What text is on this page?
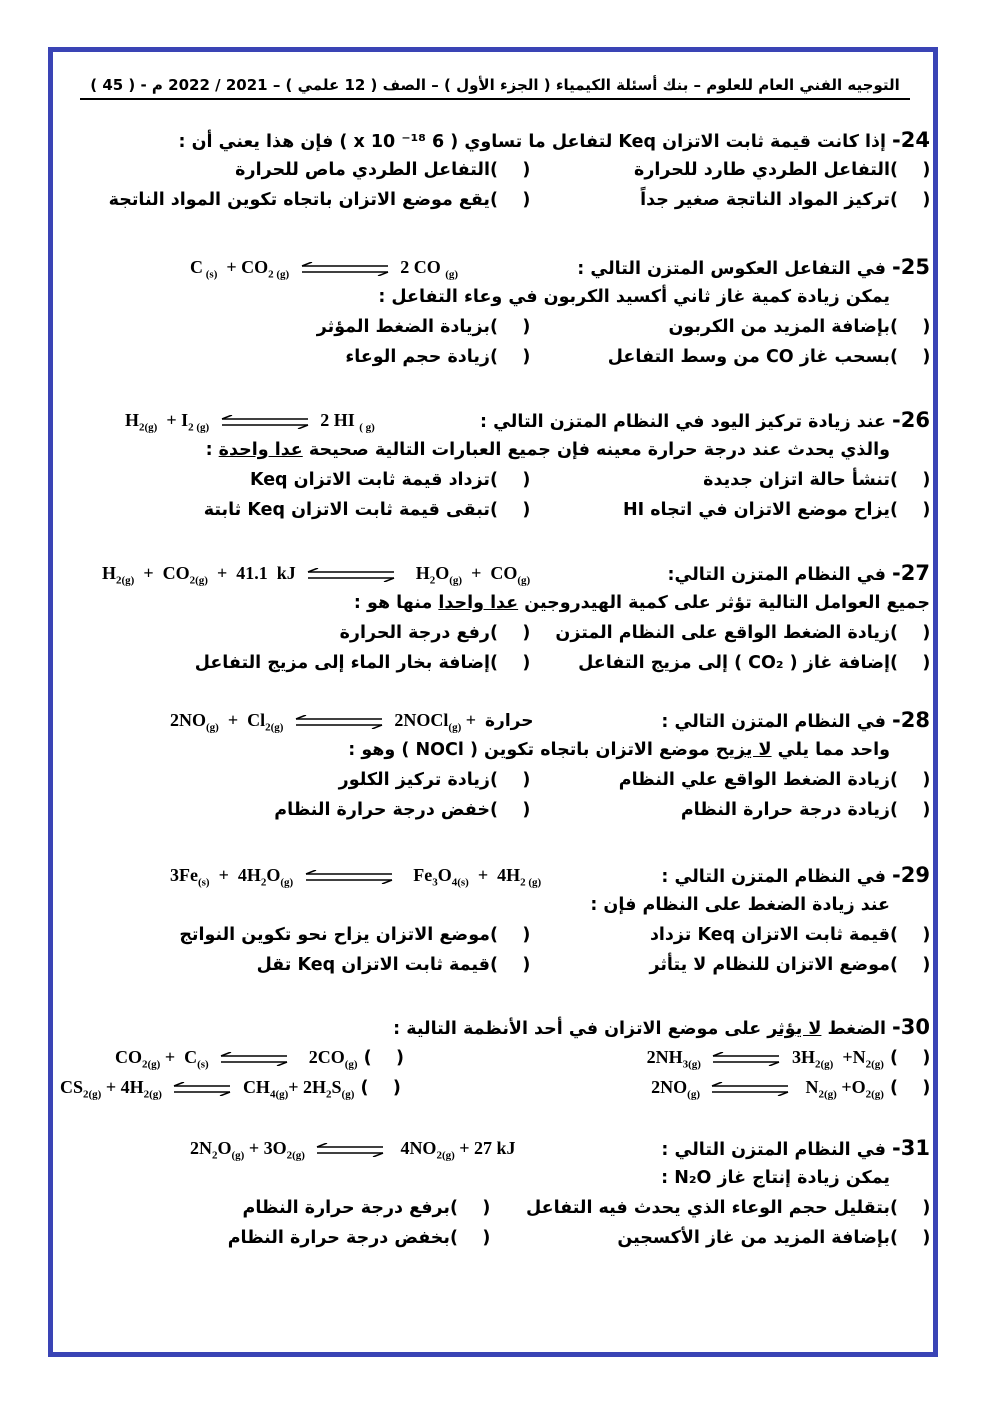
التوجيه الفني العام للعلوم – بنك أسئلة الكيمياء ( الجزء الأول ) – الصف ( 12 علمي ) – 2021 / 2022 م - ( 45 )
24- إذا كانت قيمة ثابت الاتزان Keq لتفاعل ما تساوي ( 6 x 10 ⁻¹⁸ ) فإن هذا يعني أن :
(    )التفاعل الطردي طارد للحرارة
(    )التفاعل الطردي ماص للحرارة
(    )تركيز المواد الناتجة صغير جداً
(    )يقع موضع الاتزان باتجاه تكوين المواد الناتجة
25- في التفاعل العكوس المتزن التالي :
C $_{(s)} + CO_{2 (g)}$	2 CO $_{(g)}$
يمكن زيادة كمية غاز ثاني أكسيد الكربون في وعاء التفاعل :
(    )بإضافة المزيد من الكربون
(    )بزيادة الضغط المؤثر
(    )بسحب غاز CO من وسط التفاعل
(    )زيادة حجم الوعاء
26- عند زيادة تركيز اليود في النظام المتزن التالي :
$H_{2(g)} + I_{2 (g)}$	2 HI $_{( g)}$
والذي يحدث عند درجة حرارة معينه فإن جميع العبارات التالية صحيحة عدا واحدة :
(    )تنشأ حالة اتزان جديدة
(    )تزداد قيمة ثابت الاتزان Keq
(    )يزاح موضع الاتزان في اتجاه HI
(    )تبقى قيمة ثابت الاتزان Keq ثابتة
27- في النظام المتزن التالي:
$H_{2(g)} + CO_{2(g)} + 41.1$  kJ	$H_2O_{(g)} + CO_{(g)}$
جميع العوامل التالية تؤثر على كمية الهيدروجين عدا واحدا منها هو :
(    )زيادة الضغط الواقع على النظام المتزن
(    )رفع درجة الحرارة
(    )إضافة غاز ( CO₂ ) إلى مزيج التفاعل
(    )إضافة بخار الماء إلى مزيج التفاعل
28- في النظام المتزن التالي :
$2NO_{(g)} + Cl_{2(g)}$	2NOCl$_{(g)}$ +  حرارة
واحد مما يلي لا يزيح موضع الاتزان باتجاه تكوين ( NOCl ) وهو :
(    )زيادة الضغط الواقع علي النظام
(    )زيادة تركيز الكلور
(    )زيادة درجة حرارة النظام
(    )خفض درجة حرارة النظام
29- في النظام المتزن التالي :
$3Fe_{(s)} + 4H_2O_{(g)}$	$Fe_3O_{4(s)} + 4H_{2 (g)}$
عند زيادة الضغط على النظام فإن :
(    )قيمة ثابت الاتزان Keq تزداد
(    )موضع الاتزان يزاح نحو تكوين النواتج
(    )موضع الاتزان للنظام لا يتأثر
(    )قيمة ثابت الاتزان Keq تقل
30- الضغط لا يؤثر على موضع الاتزان في أحد الأنظمة التالية :
(    ) $2NH_{3(g)}$ ⇌ $3H_{2(g)} +N_{2(g)}$
(    ) $CO_{2(g)} + C_{(s)}$ ⇌ $2CO_{(g)}$
(    ) $2NO_{(g)}$	$N_{2(g)} +O_{2(g)}$
(    ) $CS_{2(g)} + 4H_{2(g)}$ ⇌ $CH_{4(g)}+ 2H_2S_{(g)}$
31- في النظام المتزن التالي :
$2N_2O_{(g)} + 3O_{2(g)}$ ⇌ $4NO_{2(g)} + 27$ kJ
يمكن زيادة إنتاج غاز N₂O :
(    )بتقليل حجم الوعاء الذي يحدث فيه التفاعل
(    )برفع درجة حرارة النظام
(    )بإضافة المزيد من غاز الأكسجين
(    )بخفض درجة حرارة النظام
